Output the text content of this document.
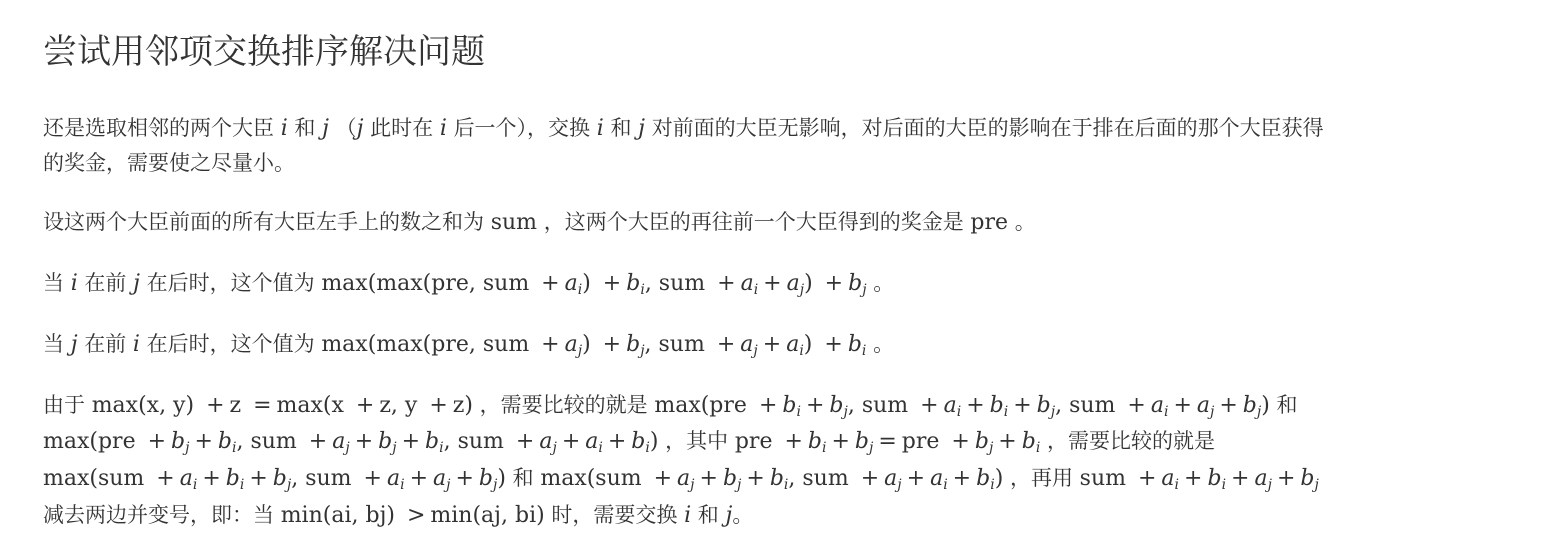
尝试用邻项交换排序解决问题
还是选取相邻的两个大臣 i 和 j （j 此时在 i 后一个），交换 i 和 j 对前面的大臣无影响，对后面的大臣的影响在于排在后面的那个大臣获得
的奖金，需要使之尽量小。
设这两个大臣前面的所有大臣左手上的数之和为 sum ，这两个大臣的再往前一个大臣得到的奖金是 pre 。
当 i 在前 j 在后时，这个值为 max(max(pre, sum + $a_i) + b_i$, sum + $a_i + a_j) + b_j$ 。
当 j 在前 i 在后时，这个值为 max(max(pre, sum + $a_j) + b_j$, sum + $a_j + a_i) + b_i$ 。
由于 max(x, y) + z = max(x + z, y + z) ，需要比较的就是 $\max(pre + b_i + b_j$, sum + $a_i + b_i + b_j$, sum + $a_i + a_j + b_j$) 和
$\max(pre + b_j + b_i$, sum + $a_j + b_j + b_i$, sum + $a_j + a_i + b_i$) ，其中 pre + $b_i + b_j$ = pre + $b_j + b_i$ ，需要比较的就是
$\max(sum + a_i + b_i + b_j$, sum + $a_i + a_j + b_j$) 和 $\max(sum + a_j + b_j + b_i$, sum + $a_j + a_i + b_i$) ，再用 sum + $a_i + b_i + a_j + b_j$
减去两边并变号，即：当 min(ai, bj) > min(aj, bi) 时，需要交换 i 和 j。
